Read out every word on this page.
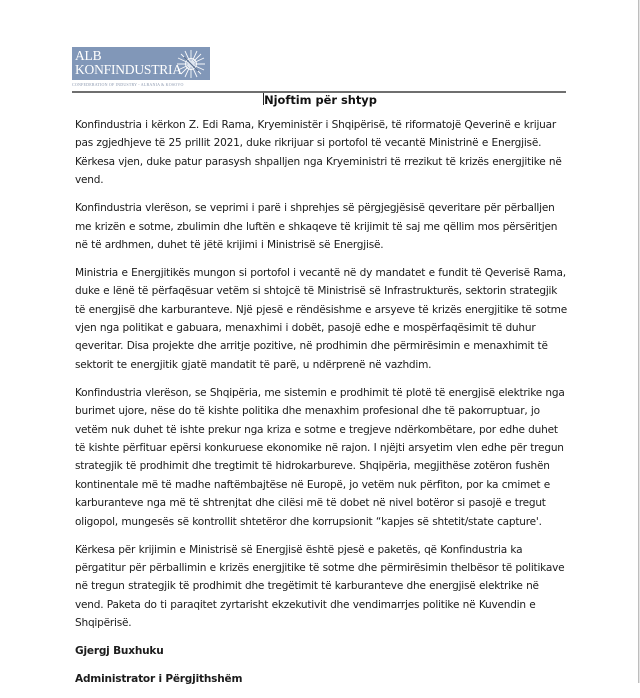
ALB
KONFINDUSTRIA
CONFEDERATION OF INDUSTRY - ALBANIA & KOSOVO
Njoftim për shtyp

Konfindustria i kërkon Z. Edi Rama, Kryeministër i Shqipërisë, të riformatojë Qeverinë e krijuar pas zgjedhjeve të 25 prillit 2021, duke rikrijuar si portofol të vecantë Ministrinë e Energjisë. Kërkesa vjen, duke patur parasysh shpalljen nga Kryeministri të rrezikut të krizës energjitike në vend.

Konfindustria vlerëson, se veprimi i parë i shprehjes së përgjegjësisë qeveritare për përballjen me krizën e sotme, zbulimin dhe luftën e shkaqeve të krijimit të saj me qëllim mos përsëritjen në të ardhmen, duhet të jëtë krijimi i Ministrisë së Energjisë.

Ministria e Energjitikës mungon si portofol i vecantë në dy mandatet e fundit të Qeverisë Rama, duke e lënë të përfaqësuar vetëm si shtojcë të Ministrisë së Infrastrukturës, sektorin strategjik të energjisë dhe karburanteve. Një pjesë e rëndësishme e arsyeve të krizës energjitike të sotme vjen nga politikat e gabuara, menaxhimi i dobët, pasojë edhe e mospërfaqësimit të duhur qeveritar. Disa projekte dhe arritje pozitive, në prodhimin dhe përmirësimin e menaxhimit të sektorit te energjitik gjatë mandatit të parë, u ndërprenë në vazhdim.

Konfindustria vlerëson, se Shqipëria, me sistemin e prodhimit të plotë të energjisë elektrike nga burimet ujore, nëse do të kishte politika dhe menaxhim profesional dhe të pakorruptuar, jo vetëm nuk duhet të ishte prekur nga kriza e sotme e tregjeve ndërkombëtare, por edhe duhet të kishte përfituar epërsi konkuruese ekonomike në rajon. I njëjti arsyetim vlen edhe për tregun strategjik të prodhimit dhe tregtimit të hidrokarbureve. Shqipëria, megjithëse zotëron fushën kontinentale më të madhe naftëmbajtëse në Europë, jo vetëm nuk përfiton, por ka cmimet e karburanteve nga më të shtrenjtat dhe cilësi më të dobet në nivel botëror si pasojë e tregut oligopol, mungesës së kontrollit shtetëror dhe korrupsionit “kapjes së shtetit/state capture'.

Kërkesa për krijimin e Ministrisë së Energjisë është pjesë e paketës, që Konfindustria ka përgatitur për përballimin e krizës energjitike të sotme dhe përmirësimin thelbësor të politikave në tregun strategjik të prodhimit dhe tregëtimit të karburanteve dhe energjisë elektrike në vend. Paketa do ti paraqitet zyrtarisht ekzekutivit dhe vendimarrjes politike në Kuvendin e Shqipërisë.

Gjergj Buxhuku

Administrator i Përgjithshëm
